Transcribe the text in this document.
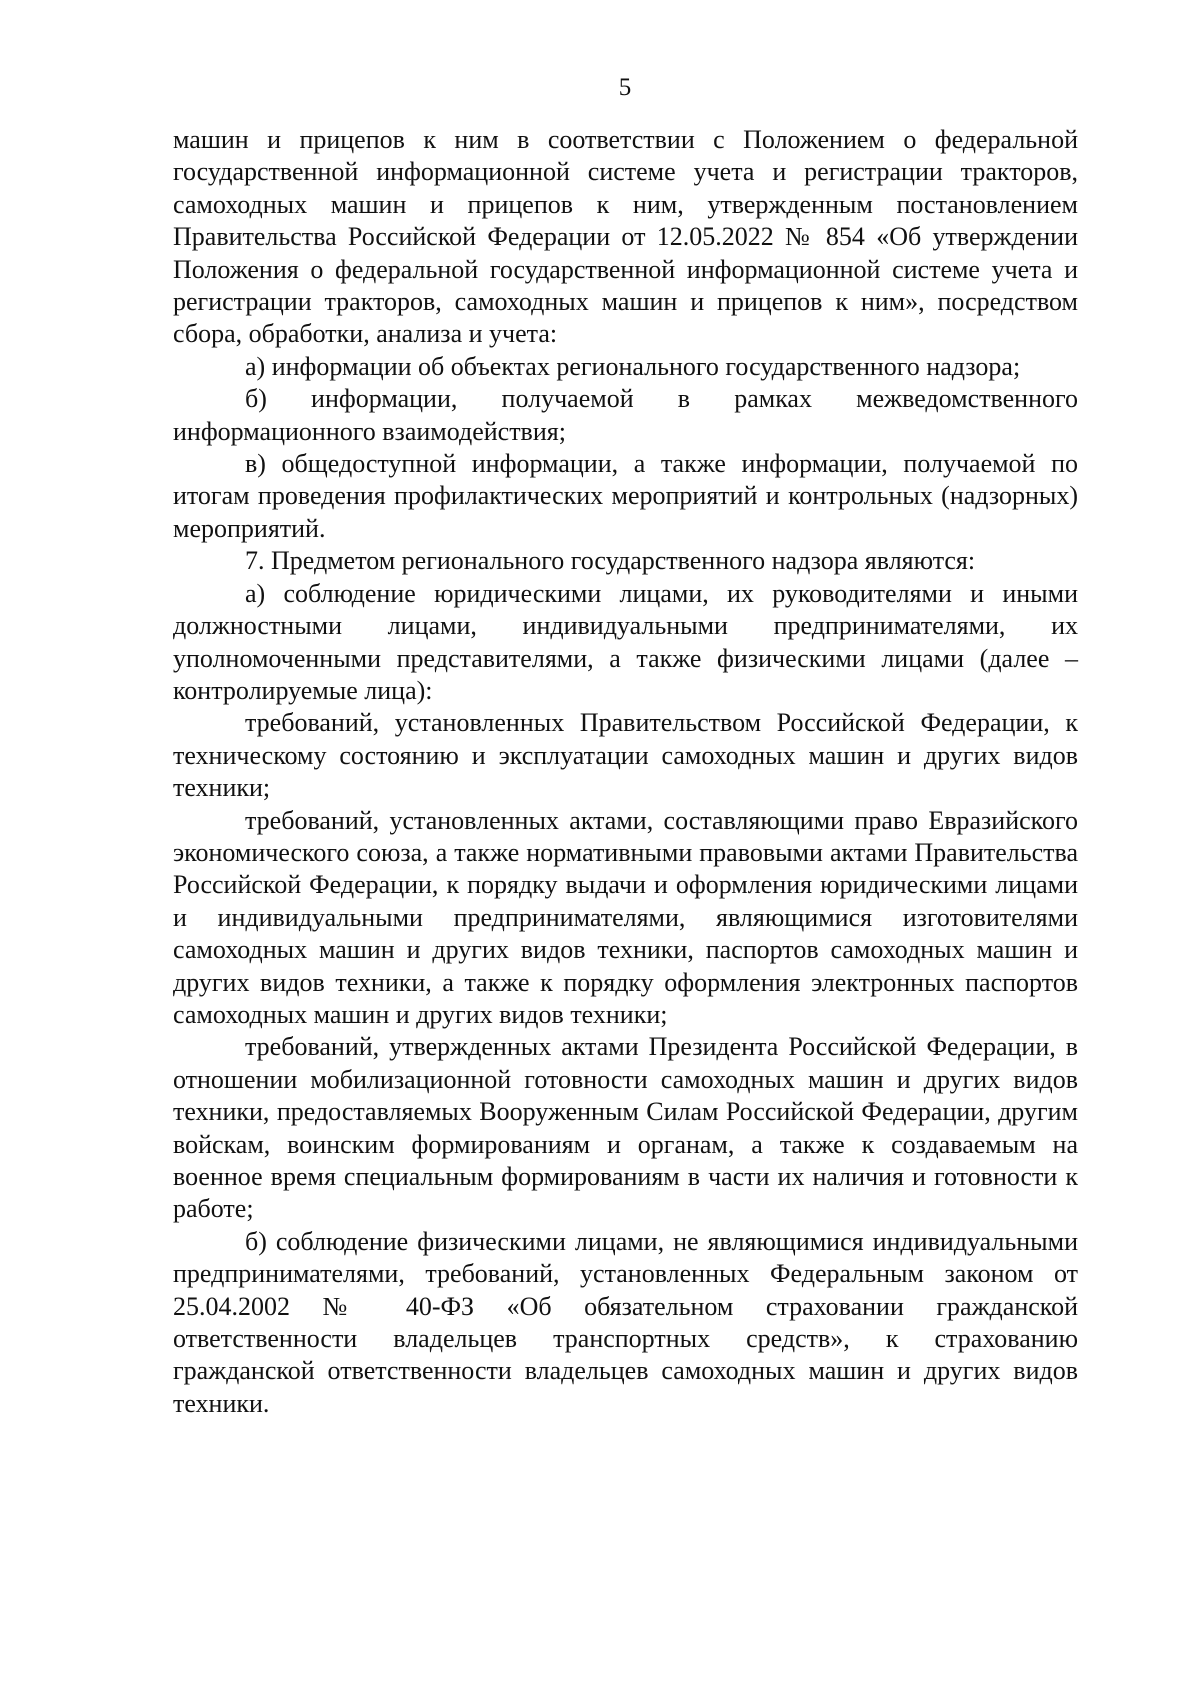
5

машин и прицепов к ним в соответствии с Положением о федеральной государственной информационной системе учета и регистрации тракторов, самоходных машин и прицепов к ним, утвержденным постановлением Правительства Российской Федерации от 12.05.2022 № 854 «Об утверждении Положения о федеральной государственной информационной системе учета и регистрации тракторов, самоходных машин и прицепов к ним», посредством сбора, обработки, анализа и учета:

а) информации об объектах регионального государственного надзора;

б) информации, получаемой в рамках межведомственного информационного взаимодействия;

в) общедоступной информации, а также информации, получаемой по итогам проведения профилактических мероприятий и контрольных (надзорных) мероприятий.

7. Предметом регионального государственного надзора являются:

а) соблюдение юридическими лицами, их руководителями и иными должностными лицами, индивидуальными предпринимателями, их уполномоченными представителями, а также физическими лицами (далее – контролируемые лица):

требований, установленных Правительством Российской Федерации, к техническому состоянию и эксплуатации самоходных машин и других видов техники;

требований, установленных актами, составляющими право Евразийского экономического союза, а также нормативными правовыми актами Правительства Российской Федерации, к порядку выдачи и оформления юридическими лицами и индивидуальными предпринимателями, являющимися изготовителями самоходных машин и других видов техники, паспортов самоходных машин и других видов техники, а также к порядку оформления электронных паспортов самоходных машин и других видов техники;

требований, утвержденных актами Президента Российской Федерации, в отношении мобилизационной готовности самоходных машин и других видов техники, предоставляемых Вооруженным Силам Российской Федерации, другим войскам, воинским формированиям и органам, а также к создаваемым на военное время специальным формированиям в части их наличия и готовности к работе;

б) соблюдение физическими лицами, не являющимися индивидуальными предпринимателями, требований, установленных Федеральным законом от 25.04.2002 № 40-ФЗ «Об обязательном страховании гражданской ответственности владельцев транспортных средств», к страхованию гражданской ответственности владельцев самоходных машин и других видов техники.
